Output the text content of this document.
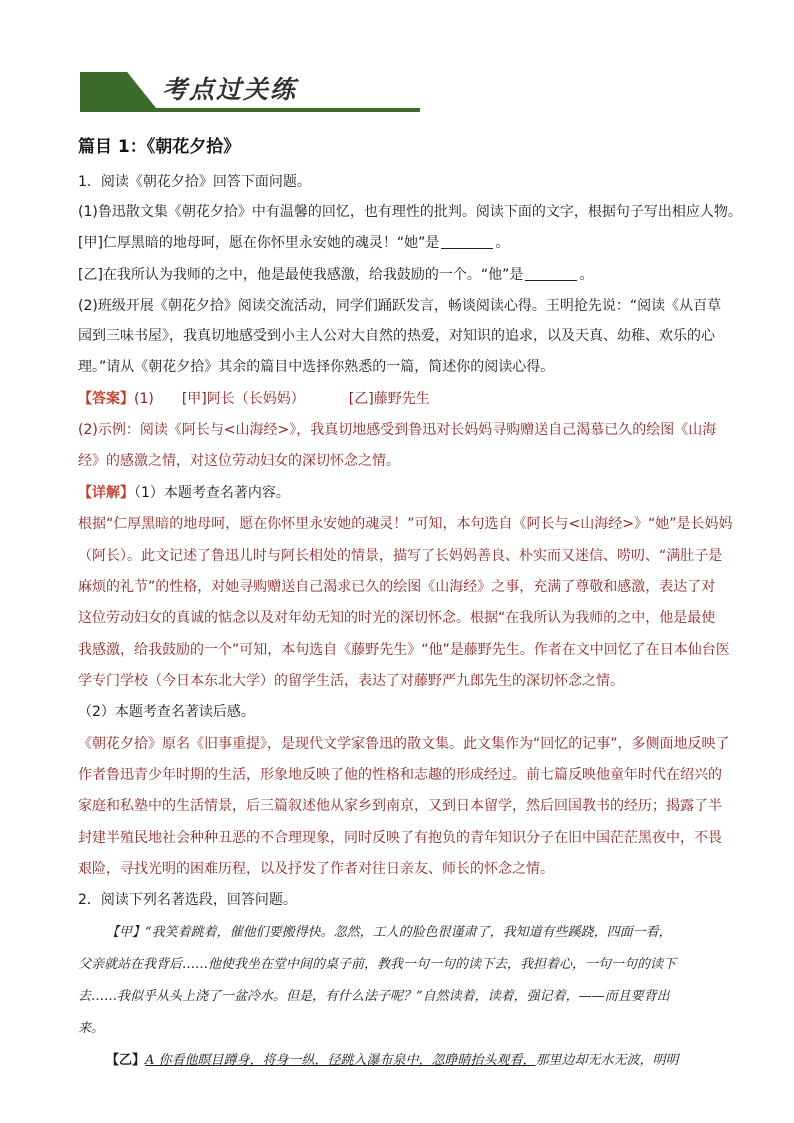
考点过关练
篇目 1：《朝花夕拾》
1．阅读《朝花夕拾》回答下面问题。
(1)鲁迅散文集《朝花夕拾》中有温馨的回忆，也有理性的批判。阅读下面的文字，根据句子写出相应人物。
[甲]仁厚黑暗的地母呵，愿在你怀里永安她的魂灵！“她”是	。
[乙]在我所认为我师的之中，他是最使我感激，给我鼓励的一个。“他”是	。
(2)班级开展《朝花夕拾》阅读交流活动，同学们踊跃发言，畅谈阅读心得。王明抢先说：“阅读《从百草
园到三味书屋》，我真切地感受到小主人公对大自然的热爱，对知识的追求，以及天真、幼稚、欢乐的心
理。”请从《朝花夕拾》其余的篇目中选择你熟悉的一篇，简述你的阅读心得。
【答案】(1) [甲]阿长（长妈妈）	[乙]藤野先生
(2)示例：阅读《阿长与<山海经>》，我真切地感受到鲁迅对长妈妈寻购赠送自己渴慕已久的绘图《山海
经》的感激之情，对这位劳动妇女的深切怀念之情。
【详解】（1）本题考查名著内容。
根据“仁厚黑暗的地母呵，愿在你怀里永安她的魂灵！”可知，本句选自《阿长与<山海经>》“她”是长妈妈
（阿长）。此文记述了鲁迅儿时与阿长相处的情景，描写了长妈妈善良、朴实而又迷信、唠叨、“满肚子是
麻烦的礼节”的性格，对她寻购赠送自己渴求已久的绘图《山海经》之事，充满了尊敬和感激，表达了对
这位劳动妇女的真诚的惦念以及对年幼无知的时光的深切怀念。根据“在我所认为我师的之中，他是最使
我感激，给我鼓励的一个”可知，本句选自《藤野先生》“他”是藤野先生。作者在文中回忆了在日本仙台医
学专门学校（今日本东北大学）的留学生活，表达了对藤野严九郎先生的深切怀念之情。
（2）本题考查名著读后感。
《朝花夕拾》原名《旧事重提》，是现代文学家鲁迅的散文集。此文集作为“回忆的记事”，多侧面地反映了
作者鲁迅青少年时期的生活，形象地反映了他的性格和志趣的形成经过。前七篇反映他童年时代在绍兴的
家庭和私塾中的生活情景，后三篇叙述他从家乡到南京，又到日本留学，然后回国教书的经历；揭露了半
封建半殖民地社会种种丑恶的不合理现象，同时反映了有抱负的青年知识分子在旧中国茫茫黑夜中，不畏
艰险，寻找光明的困难历程，以及抒发了作者对往日亲友、师长的怀念之情。
2．阅读下列名著选段，回答问题。
【甲】“我笑着跳着，催他们要搬得快。忽然，工人的脸色很谨肃了，我知道有些蹊跷，四面一看，
父亲就站在我背后……他使我坐在堂中间的桌子前，教我一句一句的读下去，我担着心，一句一句的读下
去……我似乎从头上浇了一盆冷水。但是，有什么法子呢？”自然读着，读着，强记着，——而且要背出
来。
【乙】A 你看他瞑目蹲身，将身一纵，径跳入瀑布泉中，忽睁睛抬头观看，那里边却无水无波，明明
